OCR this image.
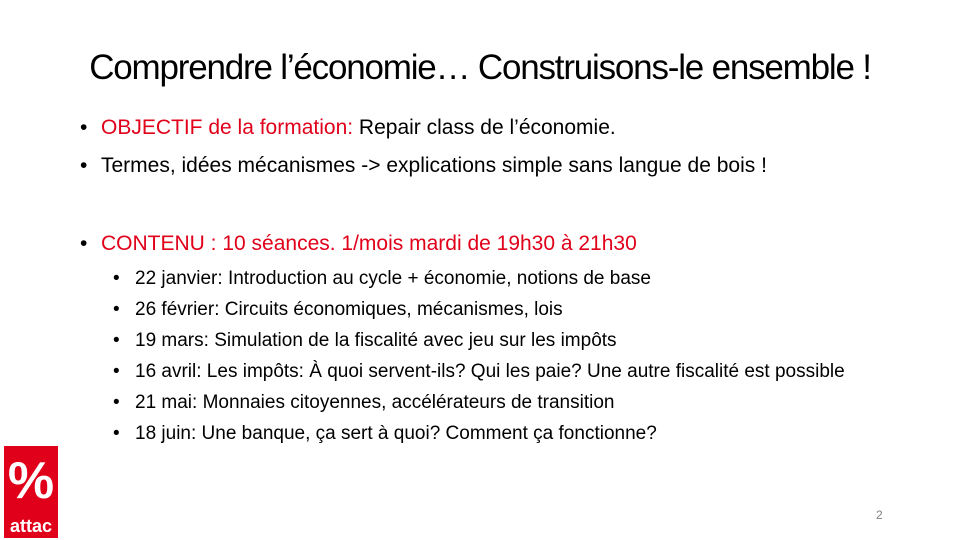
Comprendre l’économie… Construisons-le ensemble !
• OBJECTIF de la formation: Repair class de l’économie.
• Termes, idées mécanismes -> explications simple sans langue de bois !
• CONTENU : 10 séances. 1/mois mardi de 19h30 à 21h30
• 22 janvier: Introduction au cycle + économie, notions de base
• 26 février: Circuits économiques, mécanismes, lois
• 19 mars: Simulation de la fiscalité avec jeu sur les impôts
• 16 avril: Les impôts: À quoi servent-ils? Qui les paie? Une autre fiscalité est possible
• 21 mai: Monnaies citoyennes, accélérateurs de transition
• 18 juin: Une banque, ça sert à quoi? Comment ça fonctionne?
%
attac
2
